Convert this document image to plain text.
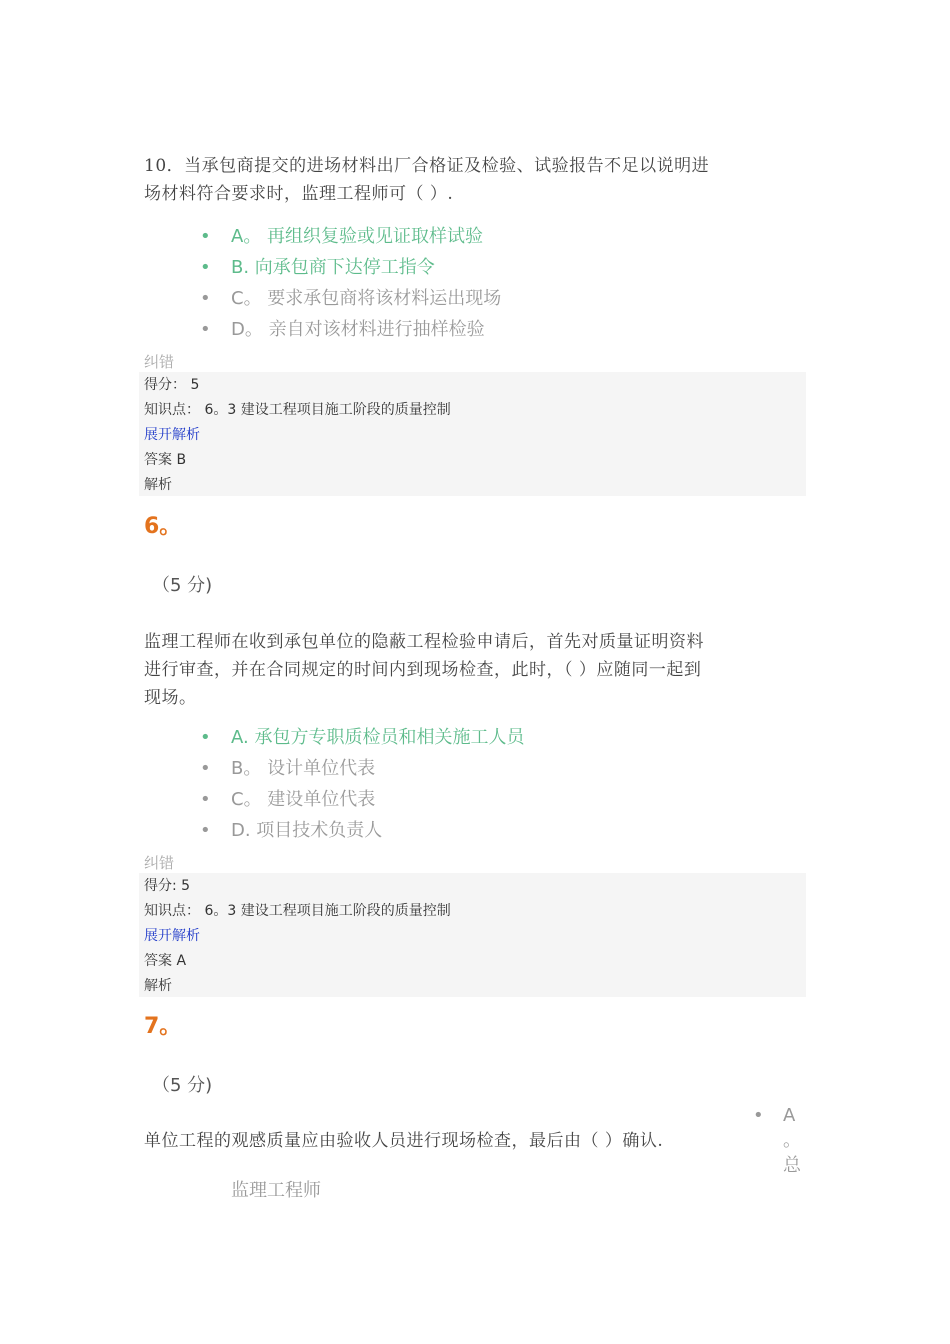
10．当承包商提交的进场材料出厂合格证及检验、试验报告不足以说明进
场材料符合要求时，监理工程师可（ ）.
• A。 再组织复验或见证取样试验
• B. 向承包商下达停工指令
• C。 要求承包商将该材料运出现场
• D。 亲自对该材料进行抽样检验
纠错
得分： 5
知识点： 6。3 建设工程项目施工阶段的质量控制
展开解析
答案 B
解析
6。
（5 分)
监理工程师在收到承包单位的隐蔽工程检验申请后，首先对质量证明资料
进行审查，并在合同规定的时间内到现场检查，此时，（ ）应随同一起到
现场。
• A. 承包方专职质检员和相关施工人员
• B。 设计单位代表
• C。 建设单位代表
• D. 项目技术负责人
纠错
得分: 5
知识点： 6。3 建设工程项目施工阶段的质量控制
展开解析
答案 A
解析
7。
（5 分)
单位工程的观感质量应由验收人员进行现场检查，最后由（ ）确认.
• A
。
总
监理工程师
